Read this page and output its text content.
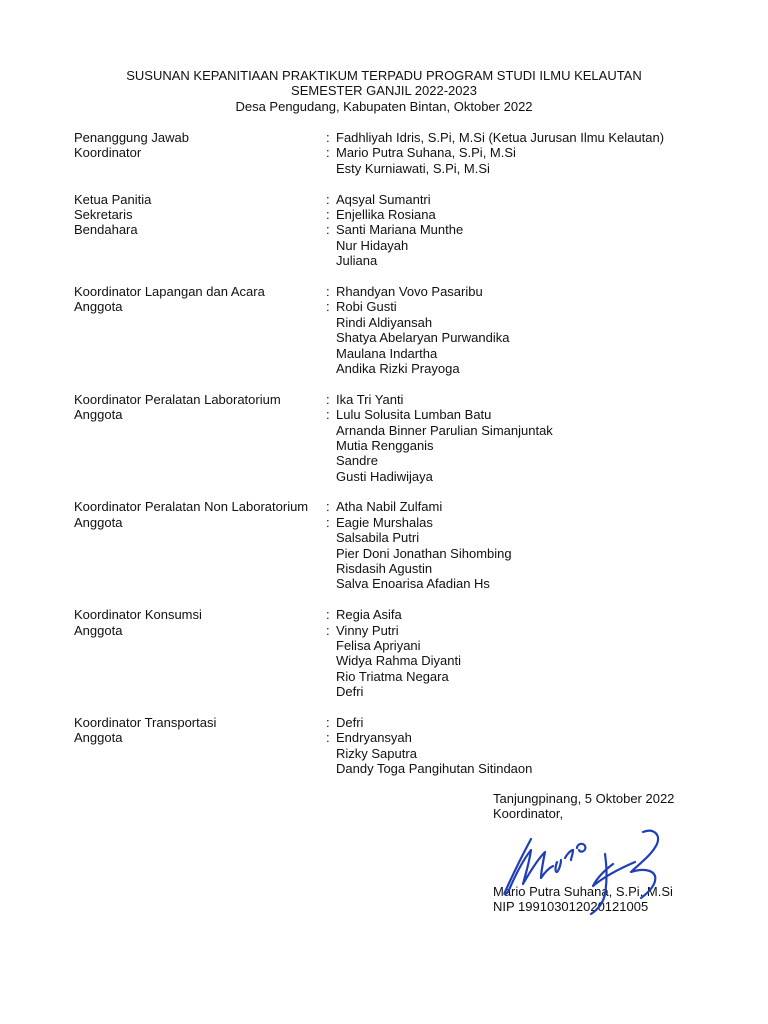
SUSUNAN KEPANITIAAN PRAKTIKUM TERPADU PROGRAM STUDI ILMU KELAUTAN
SEMESTER GANJIL 2022-2023
Desa Pengudang, Kabupaten Bintan, Oktober 2022
Penanggung Jawab	: Fadhliyah Idris, S.Pi, M.Si (Ketua Jurusan Ilmu Kelautan)
Koordinator	: Mario Putra Suhana, S.Pi, M.Si
Esty Kurniawati, S.Pi, M.Si
Ketua Panitia	: Aqsyal Sumantri
Sekretaris	: Enjellika Rosiana
Bendahara	: Santi Mariana Munthe
Nur Hidayah
Juliana
Koordinator Lapangan dan Acara	: Rhandyan Vovo Pasaribu
Anggota	: Robi Gusti
Rindi Aldiyansah
Shatya Abelaryan Purwandika
Maulana Indartha
Andika Rizki Prayoga
Koordinator Peralatan Laboratorium	: Ika Tri Yanti
Anggota	: Lulu Solusita Lumban Batu
Arnanda Binner Parulian Simanjuntak
Mutia Rengganis
Sandre
Gusti Hadiwijaya
Koordinator Peralatan Non Laboratorium	: Atha Nabil Zulfami
Anggota	: Eagie Murshalas
Salsabila Putri
Pier Doni Jonathan Sihombing
Risdasih Agustin
Salva Enoarisa Afadian Hs
Koordinator Konsumsi	: Regia Asifa
Anggota	: Vinny Putri
Felisa Apriyani
Widya Rahma Diyanti
Rio Triatma Negara
Defri
Koordinator Transportasi	: Defri
Anggota	: Endryansyah
Rizky Saputra
Dandy Toga Pangihutan Sitindaon
Tanjungpinang, 5 Oktober 2022
Koordinator,
Mario Putra Suhana, S.Pi, M.Si
NIP 199103012020121005
